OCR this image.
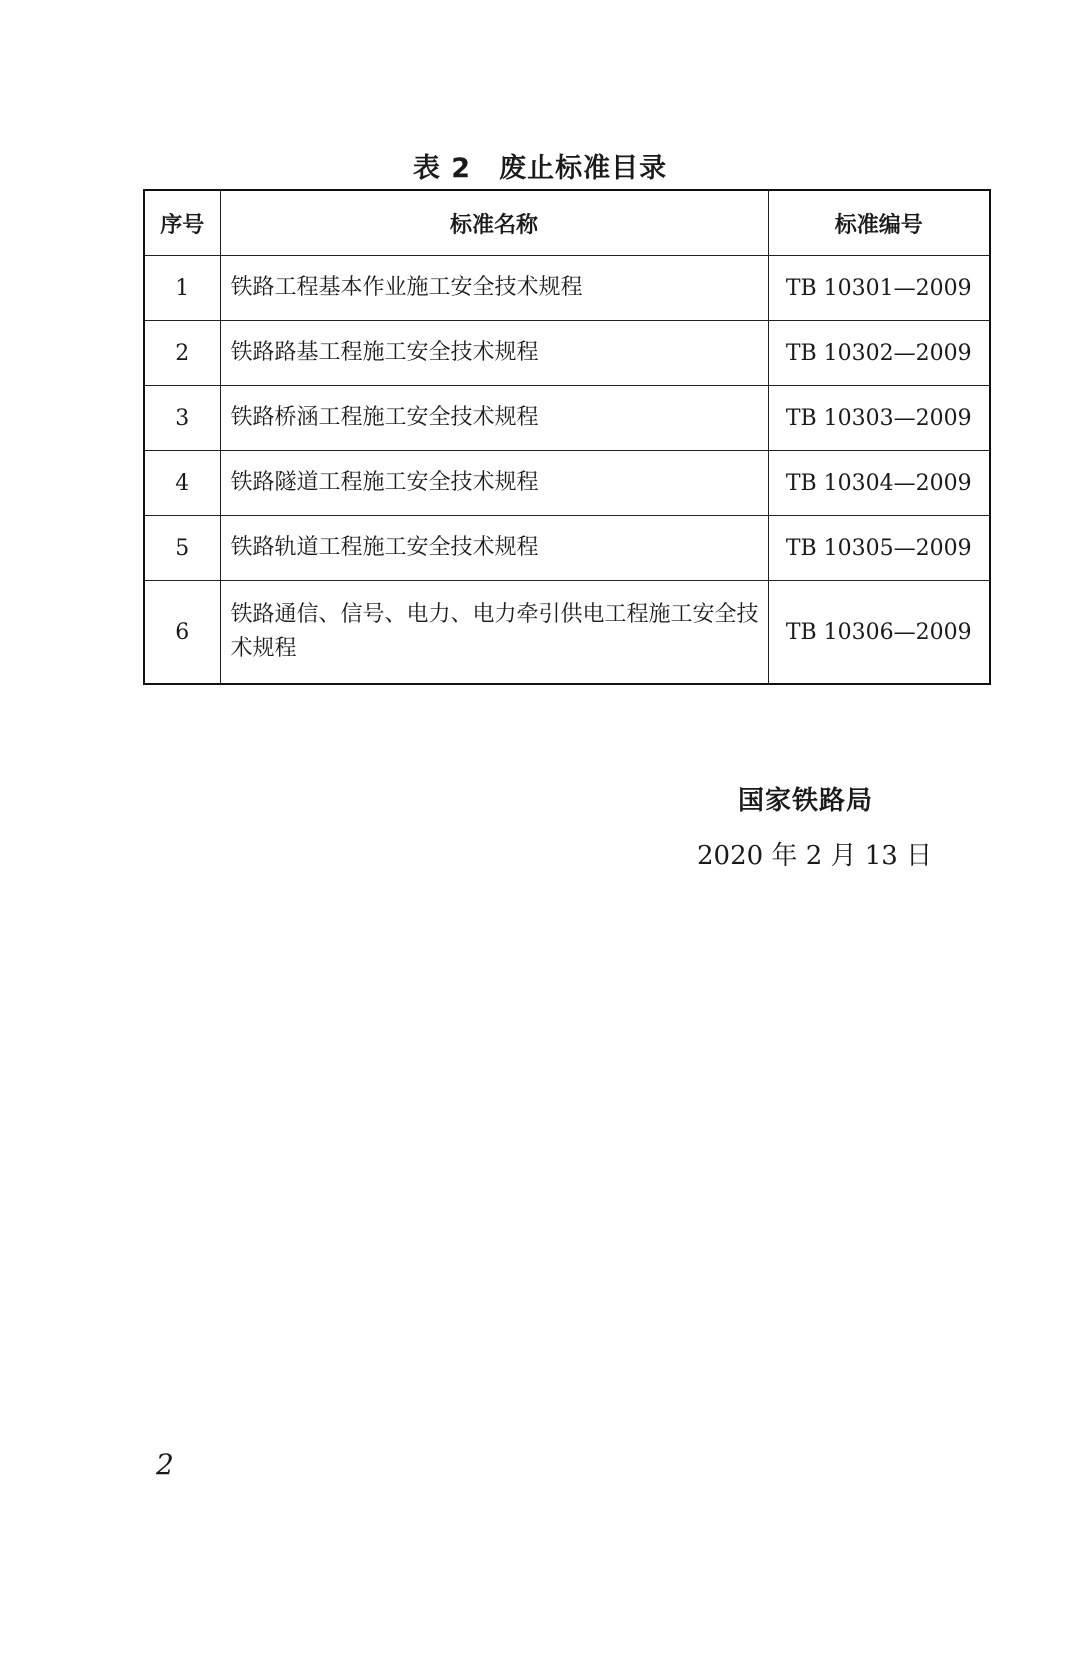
表 2 废止标准目录
序号	标准名称	标准编号
1	铁路工程基本作业施工安全技术规程	TB 10301—2009
2	铁路路基工程施工安全技术规程	TB 10302—2009
3	铁路桥涵工程施工安全技术规程	TB 10303—2009
4	铁路隧道工程施工安全技术规程	TB 10304—2009
5	铁路轨道工程施工安全技术规程	TB 10305—2009
6	铁路通信、信号、电力、电力牵引供电工程施工安全技术规程	TB 10306—2009
国家铁路局
2020 年 2 月 13 日
2
